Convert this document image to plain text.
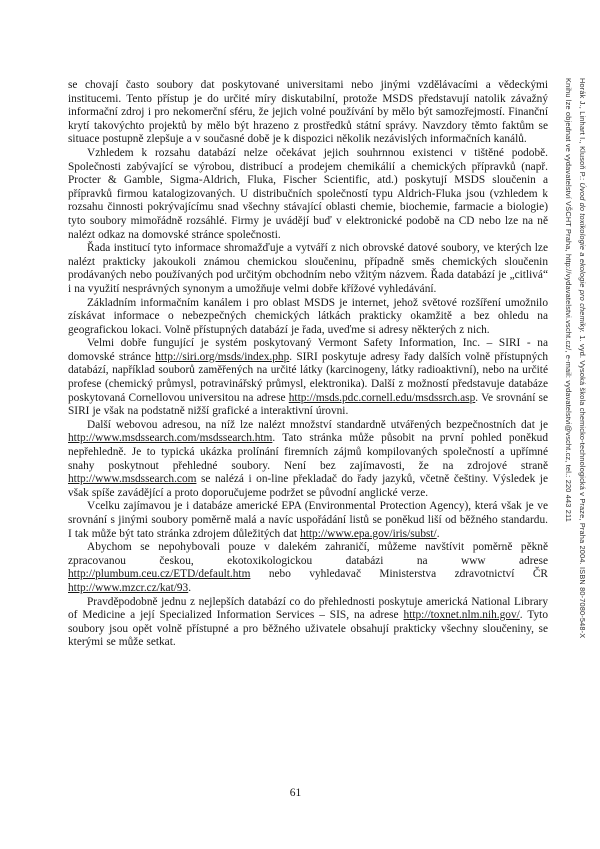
se chovají často soubory dat poskytované universitami nebo jinými vzdělávacími a vědeckými institucemi. Tento přístup je do určité míry diskutabilní, protože MSDS představují natolik závažný informační zdroj i pro nekomerční sféru, že jejich volné používání by mělo být samozřejmostí. Finanční krytí takovýchto projektů by mělo být hrazeno z prostředků státní správy. Navzdory těmto faktům se situace postupně zlepšuje a v současné době je k dispozici několik nezávislých informačních kanálů.

Vzhledem k rozsahu databází nelze očekávat jejich souhrnnou existenci v tištěné podobě. Společnosti zabývající se výrobou, distribucí a prodejem chemikálií a chemických přípravků (např. Procter & Gamble, Sigma-Aldrich, Fluka, Fischer Scientific, atd.) poskytují MSDS sloučenin a přípravků firmou katalogizovaných. U distribučních společností typu Aldrich-Fluka jsou (vzhledem k rozsahu činnosti pokrývajícímu snad všechny stávající oblasti chemie, biochemie, farmacie a biologie) tyto soubory mimořádně rozsáhlé. Firmy je uvádějí buď v elektronické podobě na CD nebo lze na ně nalézt odkaz na domovské stránce společnosti.

Řada institucí tyto informace shromažďuje a vytváří z nich obrovské datové soubory, ve kterých lze nalézt prakticky jakoukoli známou chemickou sloučeninu, případně směs chemických sloučenin prodávaných nebo používaných pod určitým obchodním nebo vžitým názvem. Řada databází je „citlivá“ i na využití nesprávných synonym a umožňuje velmi dobře křížové vyhledávání.

Základním informačním kanálem i pro oblast MSDS je internet, jehož světové rozšíření umožnilo získávat informace o nebezpečných chemických látkách prakticky okamžitě a bez ohledu na geografickou lokaci. Volně přístupných databází je řada, uveďme si adresy některých z nich.

Velmi dobře fungující je systém poskytovaný Vermont Safety Information, Inc. – SIRI - na domovské stránce http://siri.org/msds/index.php. SIRI poskytuje adresy řady dalších volně přístupných databází, například souborů zaměřených na určité látky (karcinogeny, látky radioaktivní), nebo na určité profese (chemický průmysl, potravinářský průmysl, elektronika). Další z možností představuje databáze poskytovaná Cornellovou universitou na adrese http://msds.pdc.cornell.edu/msdssrch.asp. Ve srovnání se SIRI je však na podstatně nižší grafické a interaktivní úrovni.

Další webovou adresou, na níž lze nalézt množství standardně utvářených bezpečnostních dat je http://www.msdssearch.com/msdssearch.htm. Tato stránka může působit na první pohled poněkud nepřehledně. Je to typická ukázka prolínání firemních zájmů kompilovaných společností a upřímné snahy poskytnout přehledné soubory. Není bez zajímavosti, že na zdrojové straně http://www.msdssearch.com se nalézá i on-line překladač do řady jazyků, včetně češtiny. Výsledek je však spíše zavádějící a proto doporučujeme podržet se původní anglické verze.

Vcelku zajímavou je i databáze americké EPA (Environmental Protection Agency), která však je ve srovnání s jinými soubory poměrně malá a navíc uspořádání listů se poněkud liší od běžného standardu. I tak může být tato stránka zdrojem důležitých dat http://www.epa.gov/iris/subst/.

Abychom se nepohybovali pouze v dalekém zahraničí, můžeme navštívit poměrně pěkně zpracovanou českou, ekotoxikologickou databázi na www adrese http://plumbum.ceu.cz/ETD/default.htm nebo vyhledavač Ministerstva zdravotnictví ČR http://www.mzcr.cz/kat/93.

Pravděpodobně jednu z nejlepších databází co do přehlednosti poskytuje americká National Library of Medicine a její Specialized Information Services – SIS, na adrese http://toxnet.nlm.nih.gov/. Tyto soubory jsou opět volně přístupné a pro běžného uživatele obsahují prakticky všechny sloučeniny, se kterými se může setkat.

Horák J., Linhart I., Klusoň P.: Úvod do toxikologie a ekologie pro chemiky. 1. vyd. Vysoká škola chemicko-technologická v Praze, Praha 2004. ISBN 80-7080-548-X
Knihu lze objednat ve vydavatelství VŠCHT Praha, http://vydavatelstvi.vscht.cz/, e-mail: vydavatelstvi@vscht.cz, tel.: 220 443 211
61
